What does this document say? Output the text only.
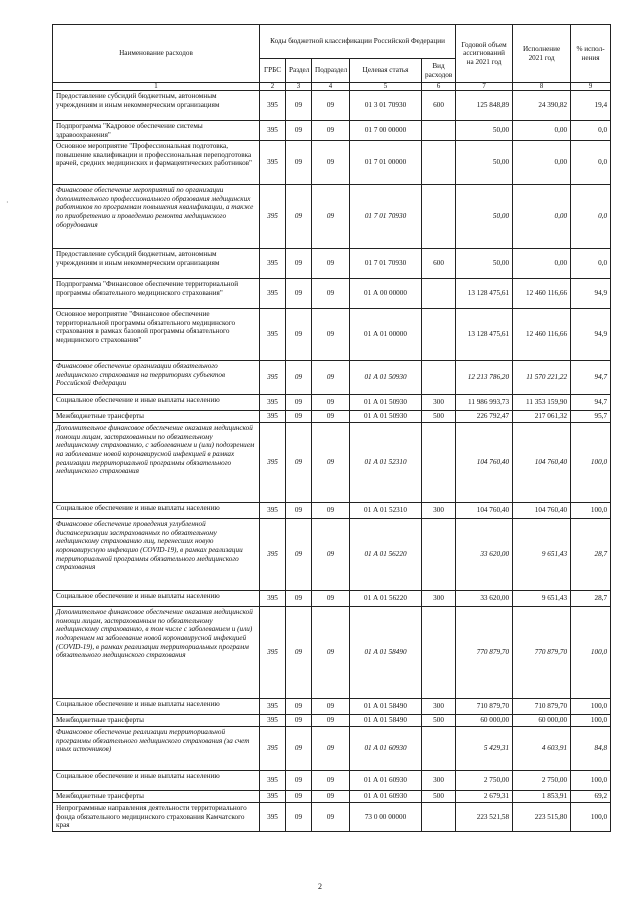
·
Наименование расходов	Коды бюджетной классификации Российской Федерации					Годовой объем ассигнований на 2021 год	Исполнение 2021 год	% испол-нения
	ГРБС	Раздел	Подраздел	Целевая статья	Вид расходов			
1	2	3	4	5	6	7	8	9
Предоставление субсидий бюджетным, автономным учреждениям и иным некоммерческим организациям	395	09	09	01 3 01 70930	600	125 848,89	24 390,82	19,4
Подпрограмма "Кадровое обеспечение системы здравоохранения"	395	09	09	01 7 00 00000		50,00	0,00	0,0
Основное мероприятие "Профессиональная подготовка, повышение квалификации и профессиональная переподготовка врачей, средних медицинских и фармацевтических работников"	395	09	09	01 7 01 00000		50,00	0,00	0,0
Финансовое обеспечение мероприятий по организации дополнительного профессионального образования медицинских работников по программам повышения квалификации, а также по приобретению и проведению ремонта медицинского оборудования	395	09	09	01 7 01 70930		50,00	0,00	0,0
Предоставление субсидий бюджетным, автономным учреждениям и иным некоммерческим организациям	395	09	09	01 7 01 70930	600	50,00	0,00	0,0
Подпрограмма "Финансовое обеспечение территориальной программы обязательного медицинского страхования"	395	09	09	01 А 00 00000		13 128 475,61	12 460 116,66	94,9
Основное мероприятие "Финансовое обеспечение территориальной программы обязательного медицинского страхования в рамках базовой программы обязательного медицинского страхования"	395	09	09	01 А 01 00000		13 128 475,61	12 460 116,66	94,9
Финансовое обеспечение организации обязательного медицинского страхования на территориях субъектов Российской Федерации	395	09	09	01 А 01 50930		12 213 786,20	11 570 221,22	94,7
Социальное обеспечение и иные выплаты населению	395	09	09	01 А 01 50930	300	11 986 993,73	11 353 159,90	94,7
Межбюджетные трансферты	395	09	09	01 А 01 50930	500	226 792,47	217 061,32	95,7
Дополнительное финансовое обеспечение оказания медицинской помощи лицам, застрахованным по обязательному медицинскому страхованию, с заболеванием и (или) подозрением на заболевание новой коронавирусной инфекцией в рамках реализации территориальной программы обязательного медицинского страхования	395	09	09	01 А 01 52310		104 760,40	104 760,40	100,0
Социальное обеспечение и иные выплаты населению	395	09	09	01 А 01 52310	300	104 760,40	104 760,40	100,0
Финансовое обеспечение проведения углубленной диспансеризации застрахованных по обязательному медицинскому страхованию лиц, перенесших новую коронавирусную инфекцию (COVID-19), в рамках реализации территориальной программы обязательного медицинского страхования	395	09	09	01 А 01 56220		33 620,00	9 651,43	28,7
Социальное обеспечение и иные выплаты населению	395	09	09	01 А 01 56220	300	33 620,00	9 651,43	28,7
Дополнительное финансовое обеспечение оказания медицинской помощи лицам, застрахованным по обязательному медицинскому страхованию, в том числе с заболеванием и (или) подозрением на заболевание новой коронавирусной инфекцией (COVID-19), в рамках реализации территориальных программ обязательного медицинского страхования	395	09	09	01 А 01 58490		770 879,70	770 879,70	100,0
Социальное обеспечение и иные выплаты населению	395	09	09	01 А 01 58490	300	710 879,70	710 879,70	100,0
Межбюджетные трансферты	395	09	09	01 А 01 58490	500	60 000,00	60 000,00	100,0
Финансовое обеспечение реализации территориальной программы обязательного медицинского страхования (за счет иных источников)	395	09	09	01 А 01 60930		5 429,31	4 603,91	84,8
Социальное обеспечение и иные выплаты населению	395	09	09	01 А 01 60930	300	2 750,00	2 750,00	100,0
Межбюджетные трансферты	395	09	09	01 А 01 60930	500	2 679,31	1 853,91	69,2
Непрограммные направления деятельности территориального фонда обязательного медицинского страхования Камчатского края	395	09	09	73 0 00 00000		223 521,58	223 515,80	100,0
2
